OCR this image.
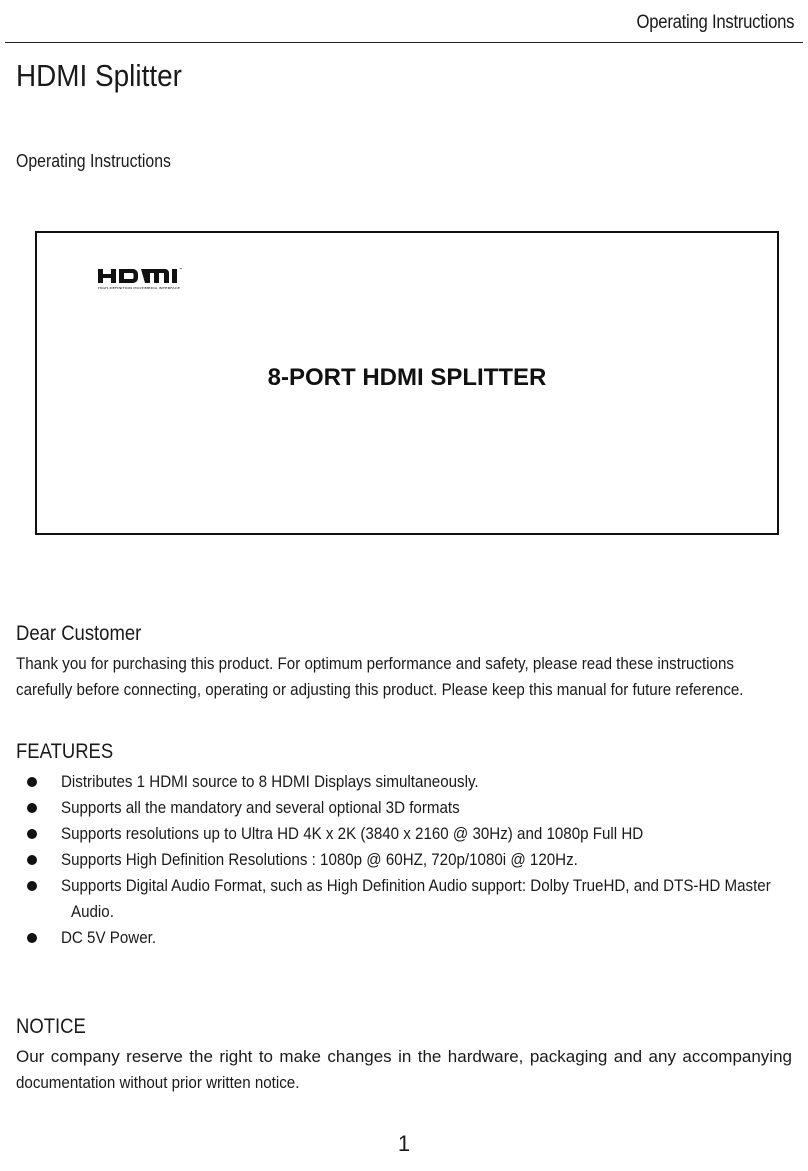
Operating Instructions
HDMI Splitter
Operating Instructions
™
HIGH-DEFINITION MULTIMEDIA INTERFACE
8-PORT HDMI SPLITTER
Dear Customer
Thank you for purchasing this product. For optimum performance and safety, please read these instructions
carefully before connecting, operating or adjusting this product. Please keep this manual for future reference.
FEATURES
Distributes 1 HDMI source to 8 HDMI Displays simultaneously.
Supports all the mandatory and several optional 3D formats
Supports resolutions up to Ultra HD 4K x 2K (3840 x 2160 @ 30Hz) and 1080p Full HD
Supports High Definition Resolutions : 1080p @ 60HZ, 720p/1080i @ 120Hz.
Supports Digital Audio Format, such as High Definition Audio support: Dolby TrueHD, and DTS-HD Master
Audio.
DC 5V Power.
NOTICE
Our company reserve the right to make changes in the hardware, packaging and any accompanying
documentation without prior written notice.
1
